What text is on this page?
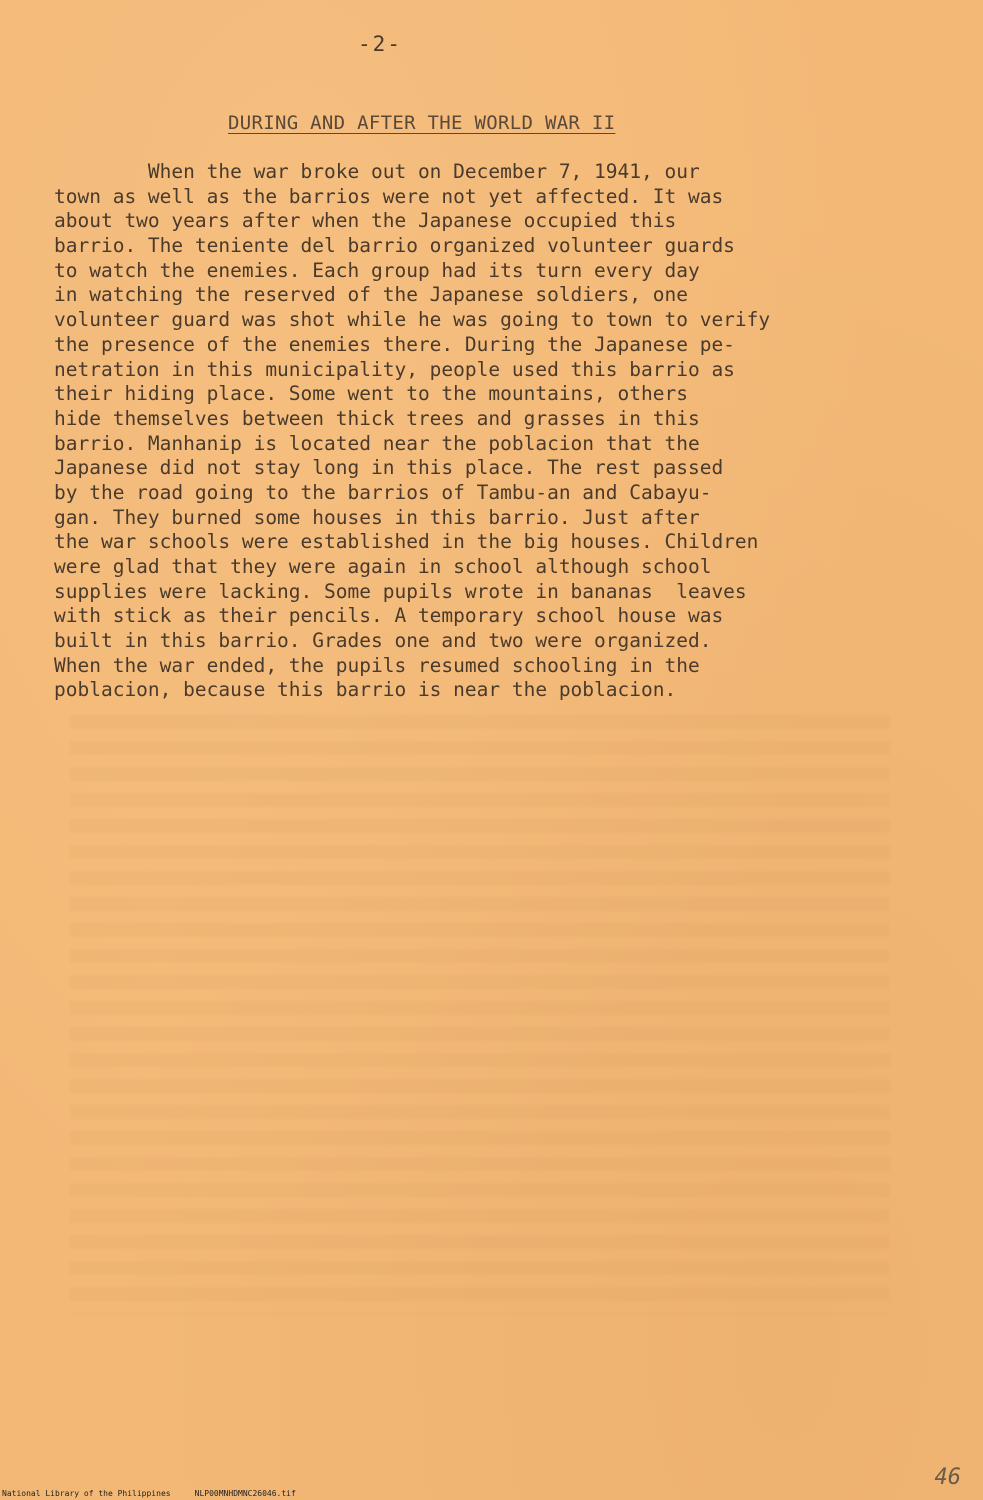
-2-
DURING AND AFTER THE WORLD WAR II
When the war broke out on December 7, 1941, our
town as well as the barrios were not yet affected. It was
about two years after when the Japanese occupied this
barrio. The teniente del barrio organized volunteer guards
to watch the enemies. Each group had its turn every day
in watching the reserved of the Japanese soldiers, one
volunteer guard was shot while he was going to town to verify
the presence of the enemies there. During the Japanese pe-
netration in this municipality, people used this barrio as
their hiding place. Some went to the mountains, others
hide themselves between thick trees and grasses in this
barrio. Manhanip is located near the poblacion that the
Japanese did not stay long in this place. The rest passed
by the road going to the barrios of Tambu-an and Cabayu-
gan. They burned some houses in this barrio. Just after
the war schools were established in the big houses. Children
were glad that they were again in school although school
supplies were lacking. Some pupils wrote in bananas  leaves
with stick as their pencils. A temporary school house was
built in this barrio. Grades one and two were organized.
When the war ended, the pupils resumed schooling in the
poblacion, because this barrio is near the poblacion.
National Library of the Philippines     NLP00MNHDMNC26046.tif
46
